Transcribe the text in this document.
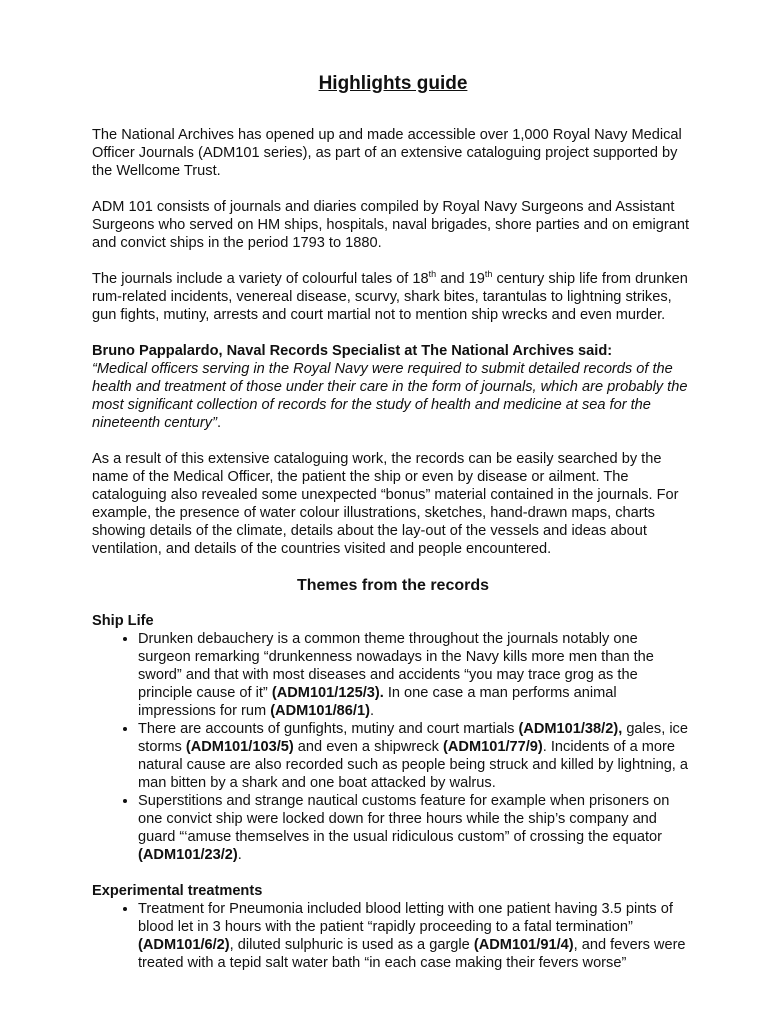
Highlights guide

The National Archives has opened up and made accessible over 1,000 Royal Navy Medical Officer Journals (ADM101 series), as part of an extensive cataloguing project supported by the Wellcome Trust.

ADM 101 consists of journals and diaries compiled by Royal Navy Surgeons and Assistant Surgeons who served on HM ships, hospitals, naval brigades, shore parties and on emigrant and convict ships in the period 1793 to 1880.

The journals include a variety of colourful tales of 18th and 19th century ship life from drunken rum-related incidents, venereal disease, scurvy, shark bites, tarantulas to lightning strikes, gun fights, mutiny, arrests and court martial not to mention ship wrecks and even murder.

Bruno Pappalardo, Naval Records Specialist at The National Archives said:
“Medical officers serving in the Royal Navy were required to submit detailed records of the health and treatment of those under their care in the form of journals, which are probably the most significant collection of records for the study of health and medicine at sea for the nineteenth century”.

As a result of this extensive cataloguing work, the records can be easily searched by the name of the Medical Officer, the patient the ship or even by disease or ailment. The cataloguing also revealed some unexpected “bonus” material contained in the journals. For example, the presence of water colour illustrations, sketches, hand-drawn maps, charts showing details of the climate, details about the lay-out of the vessels and ideas about ventilation, and details of the countries visited and people encountered.

Themes from the records
Ship Life
• Drunken debauchery is a common theme throughout the journals notably one surgeon remarking “drunkenness nowadays in the Navy kills more men than the sword” and that with most diseases and accidents “you may trace grog as the principle cause of it” (ADM101/125/3). In one case a man performs animal impressions for rum (ADM101/86/1).
• There are accounts of gunfights, mutiny and court martials (ADM101/38/2), gales, ice storms (ADM101/103/5) and even a shipwreck (ADM101/77/9). Incidents of a more natural cause are also recorded such as people being struck and killed by lightning, a man bitten by a shark and one boat attacked by walrus.
• Superstitions and strange nautical customs feature for example when prisoners on one convict ship were locked down for three hours while the ship’s company and guard “‘amuse themselves in the usual ridiculous custom” of crossing the equator (ADM101/23/2).
Experimental treatments
• Treatment for Pneumonia included blood letting with one patient having 3.5 pints of blood let in 3 hours with the patient “rapidly proceeding to a fatal termination” (ADM101/6/2), diluted sulphuric is used as a gargle (ADM101/91/4), and fevers were treated with a tepid salt water bath “in each case making their fevers worse”
